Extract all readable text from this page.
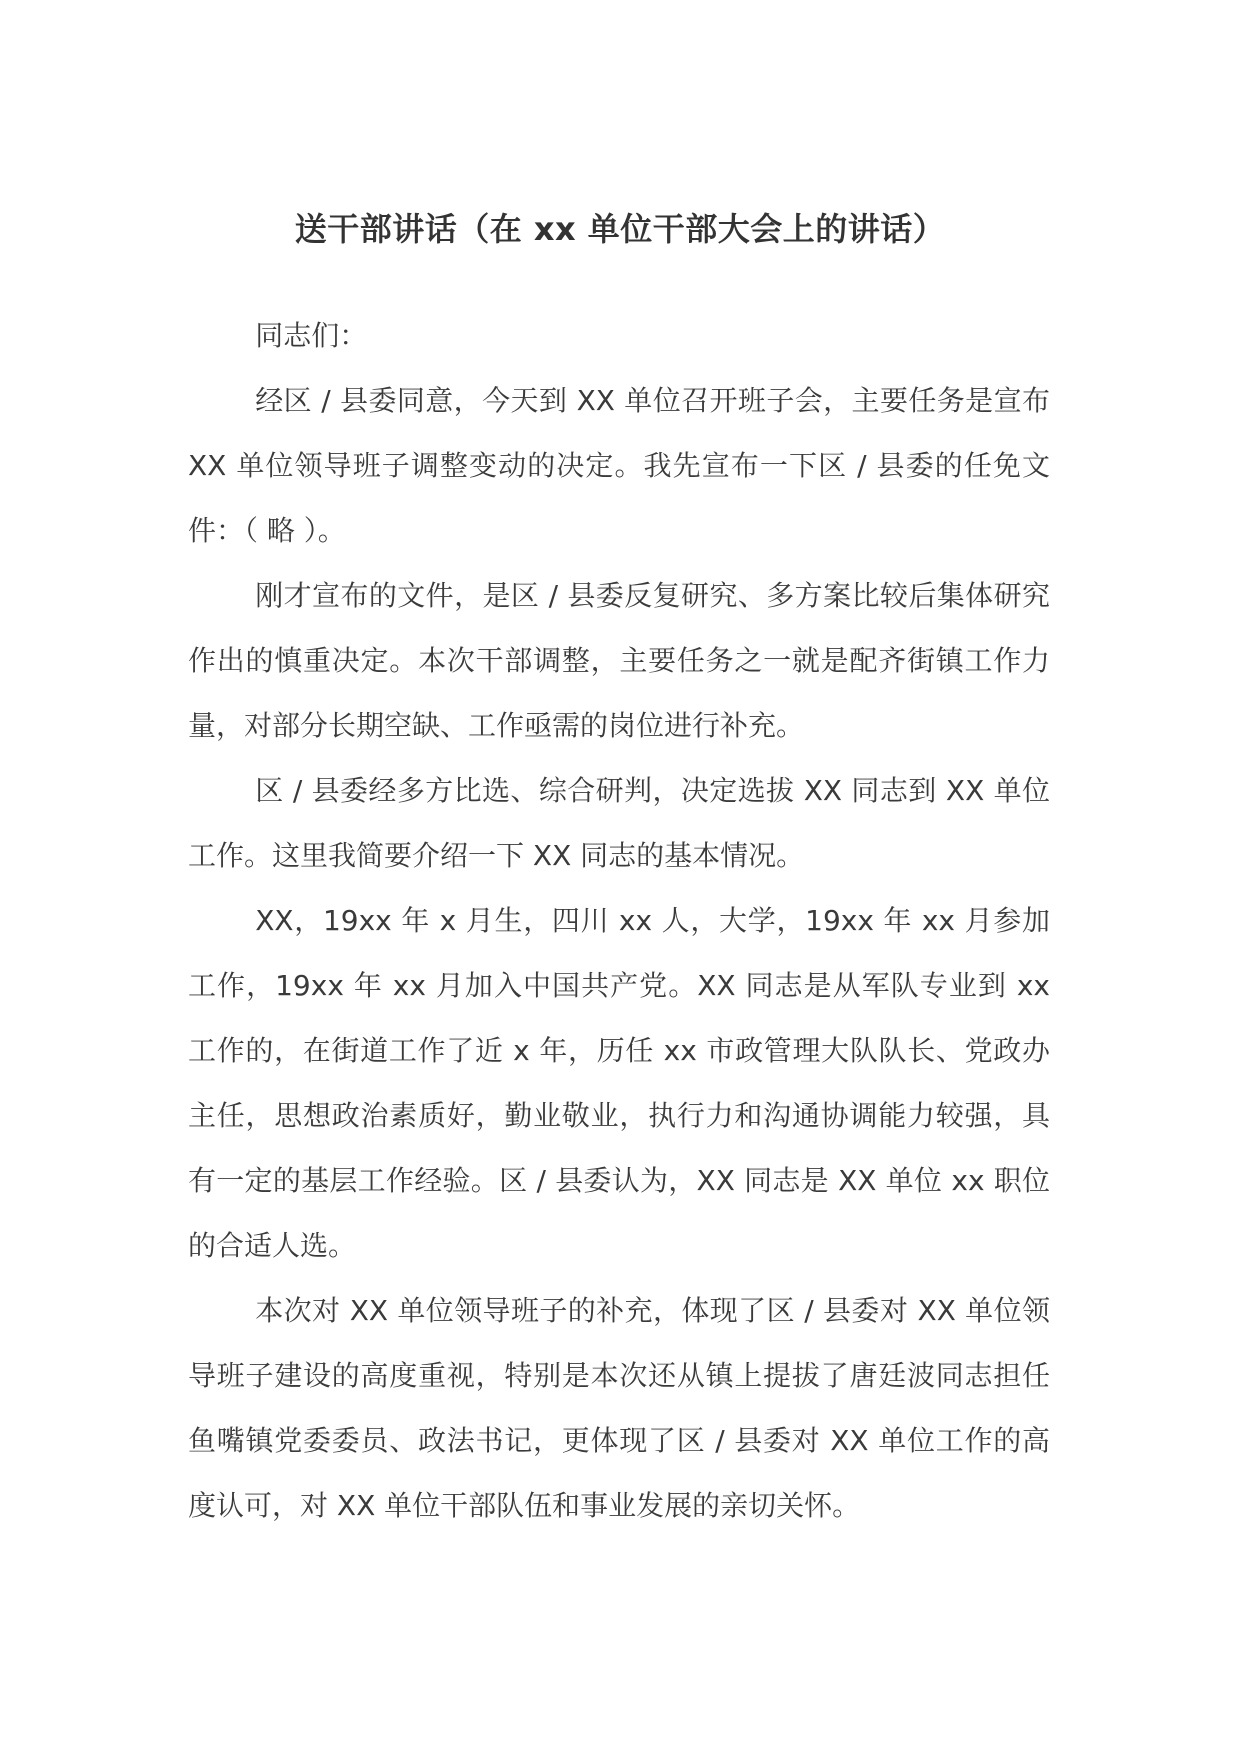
送干部讲话（在 xx 单位干部大会上的讲话）

同志们：

经区 / 县委同意，今天到 XX 单位召开班子会，主要任务是宣布 XX 单位领导班子调整变动的决定。我先宣布一下区 / 县委的任免文件：（ 略 ）。

刚才宣布的文件，是区 / 县委反复研究、多方案比较后集体研究作出的慎重决定。本次干部调整，主要任务之一就是配齐街镇工作力量，对部分长期空缺、工作亟需的岗位进行补充。

区 / 县委经多方比选、综合研判，决定选拔 XX 同志到 XX 单位工作。这里我简要介绍一下 XX 同志的基本情况。

XX，19xx 年 x 月生，四川 xx 人，大学，19xx 年 xx 月参加工作，19xx 年 xx 月加入中国共产党。XX 同志是从军队专业到 xx 工作的，在街道工作了近 x 年，历任 xx 市政管理大队队长、党政办主任，思想政治素质好，勤业敬业，执行力和沟通协调能力较强，具有一定的基层工作经验。区 / 县委认为，XX 同志是 XX 单位 xx 职位的合适人选。

本次对 XX 单位领导班子的补充，体现了区 / 县委对 XX 单位领导班子建设的高度重视，特别是本次还从镇上提拔了唐廷波同志担任鱼嘴镇党委委员、政法书记，更体现了区 / 县委对 XX 单位工作的高度认可，对 XX 单位干部队伍和事业发展的亲切关怀。
